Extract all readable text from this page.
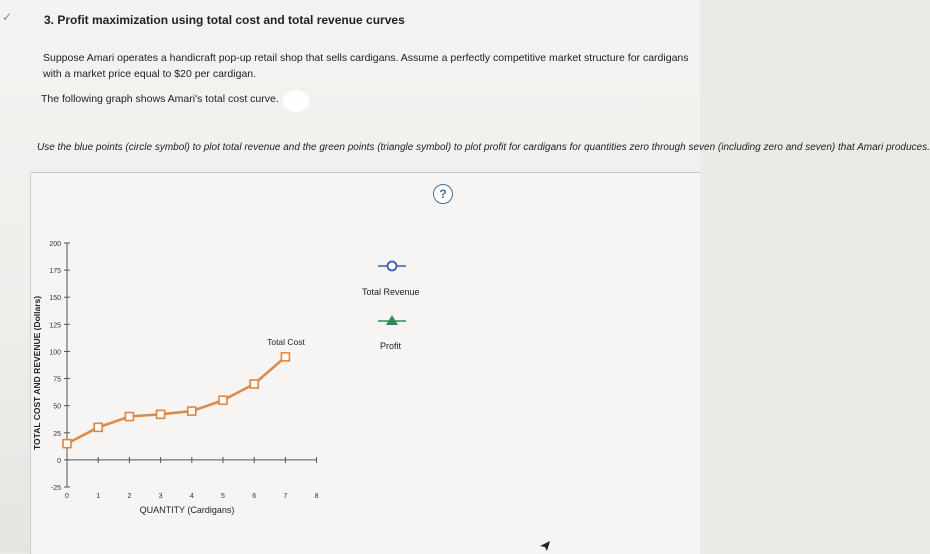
✓	3. Profit maximization using total cost and total revenue curves
Suppose Amari operates a handicraft pop-up retail shop that sells cardigans. Assume a perfectly competitive market structure for cardigans with a market price equal to $20 per cardigan.
The following graph shows Amari's total cost curve.
Use the blue points (circle symbol) to plot total revenue and the green points (triangle symbol) to plot profit for cardigans for quantities zero through seven (including zero and seven) that Amari produces.
?
-25
0
25
50
75
100
125
150
175
200
0	1	2	3	4	5	6	7	8
TOTAL COST AND REVENUE (Dollars)
QUANTITY (Cardigans)
Total Cost
Total Revenue
Profit
